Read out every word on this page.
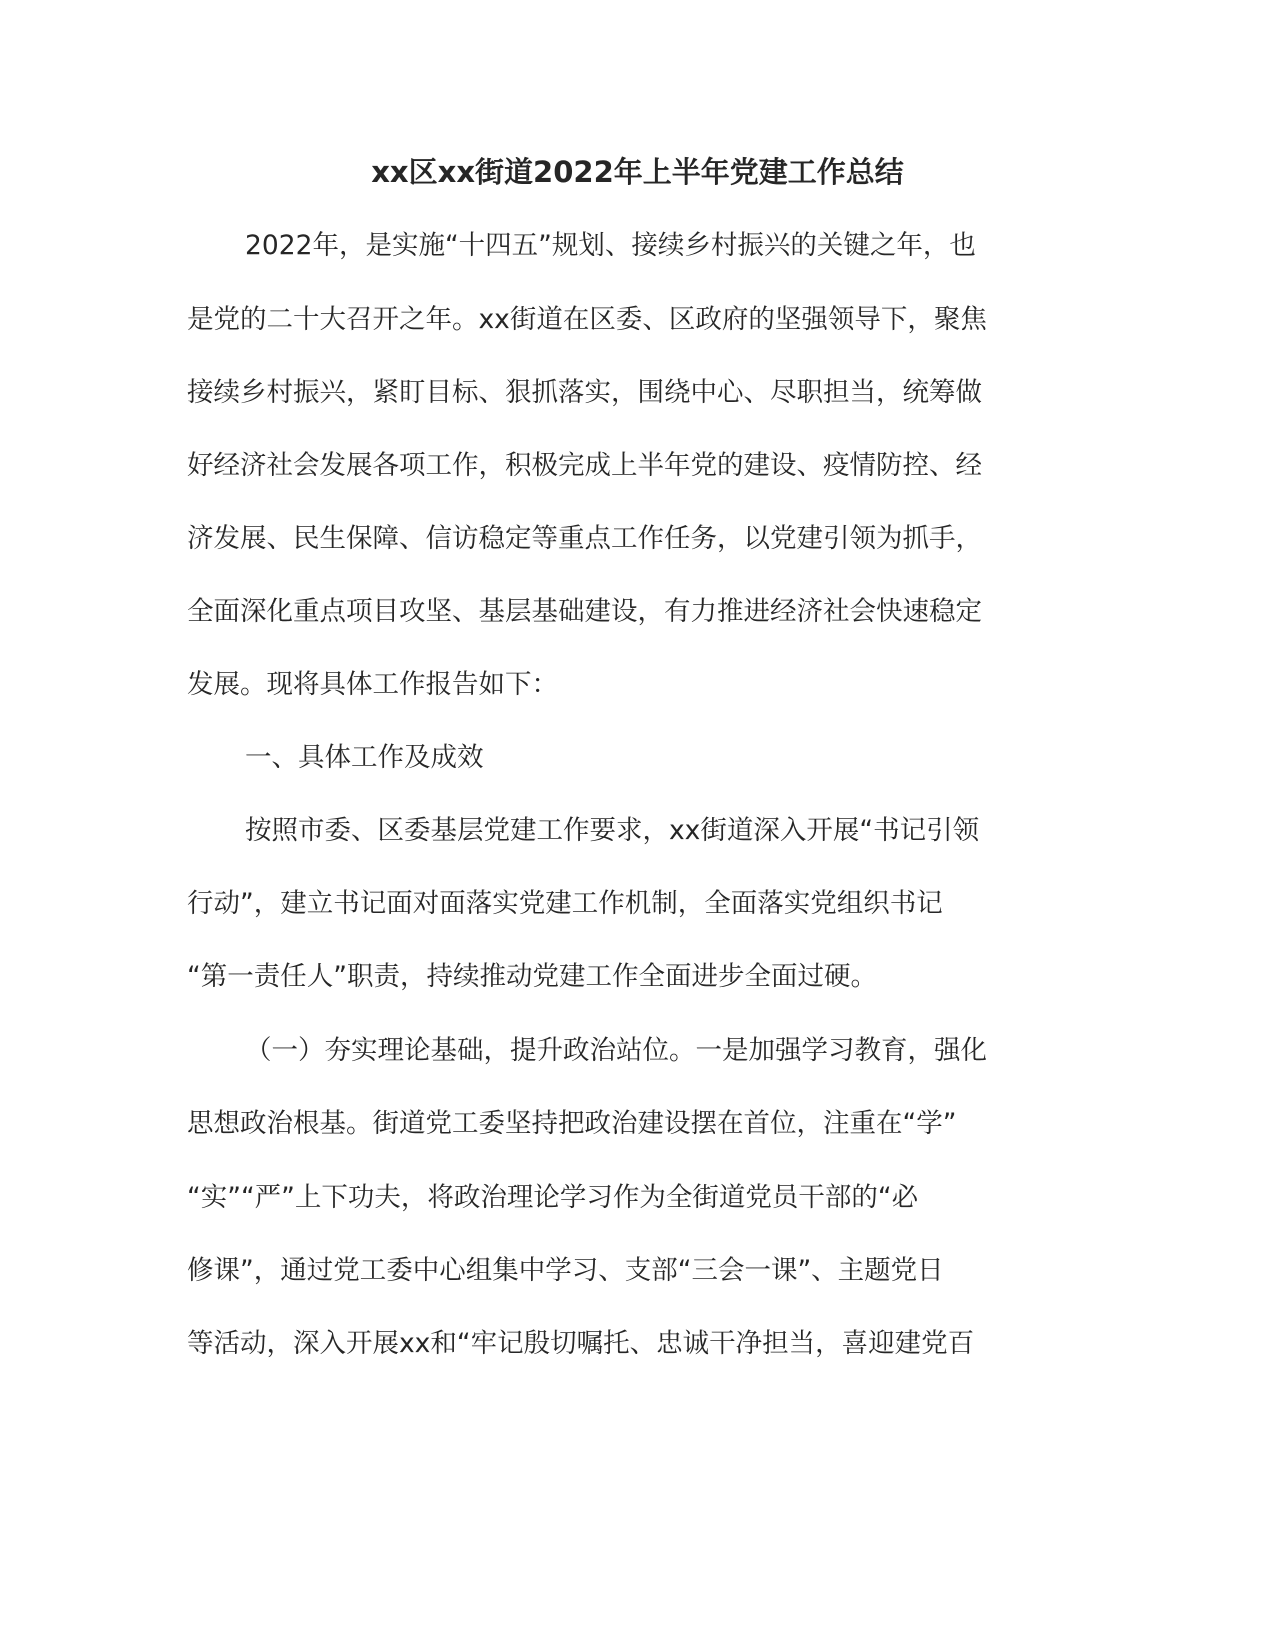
xx区xx街道2022年上半年党建工作总结
2022年，是实施“十四五”规划、接续乡村振兴的关键之年，也
是党的二十大召开之年。xx街道在区委、区政府的坚强领导下，聚焦
接续乡村振兴，紧盯目标、狠抓落实，围绕中心、尽职担当，统筹做
好经济社会发展各项工作，积极完成上半年党的建设、疫情防控、经
济发展、民生保障、信访稳定等重点工作任务，以党建引领为抓手，
全面深化重点项目攻坚、基层基础建设，有力推进经济社会快速稳定
发展。现将具体工作报告如下：
一、具体工作及成效
按照市委、区委基层党建工作要求，xx街道深入开展“书记引领
行动”，建立书记面对面落实党建工作机制，全面落实党组织书记
“第一责任人”职责，持续推动党建工作全面进步全面过硬。
（一）夯实理论基础，提升政治站位。一是加强学习教育，强化
思想政治根基。街道党工委坚持把政治建设摆在首位，注重在“学”
“实”“严”上下功夫，将政治理论学习作为全街道党员干部的“必
修课”，通过党工委中心组集中学习、支部“三会一课”、主题党日
等活动，深入开展xx和“牢记殷切嘱托、忠诚干净担当，喜迎建党百
